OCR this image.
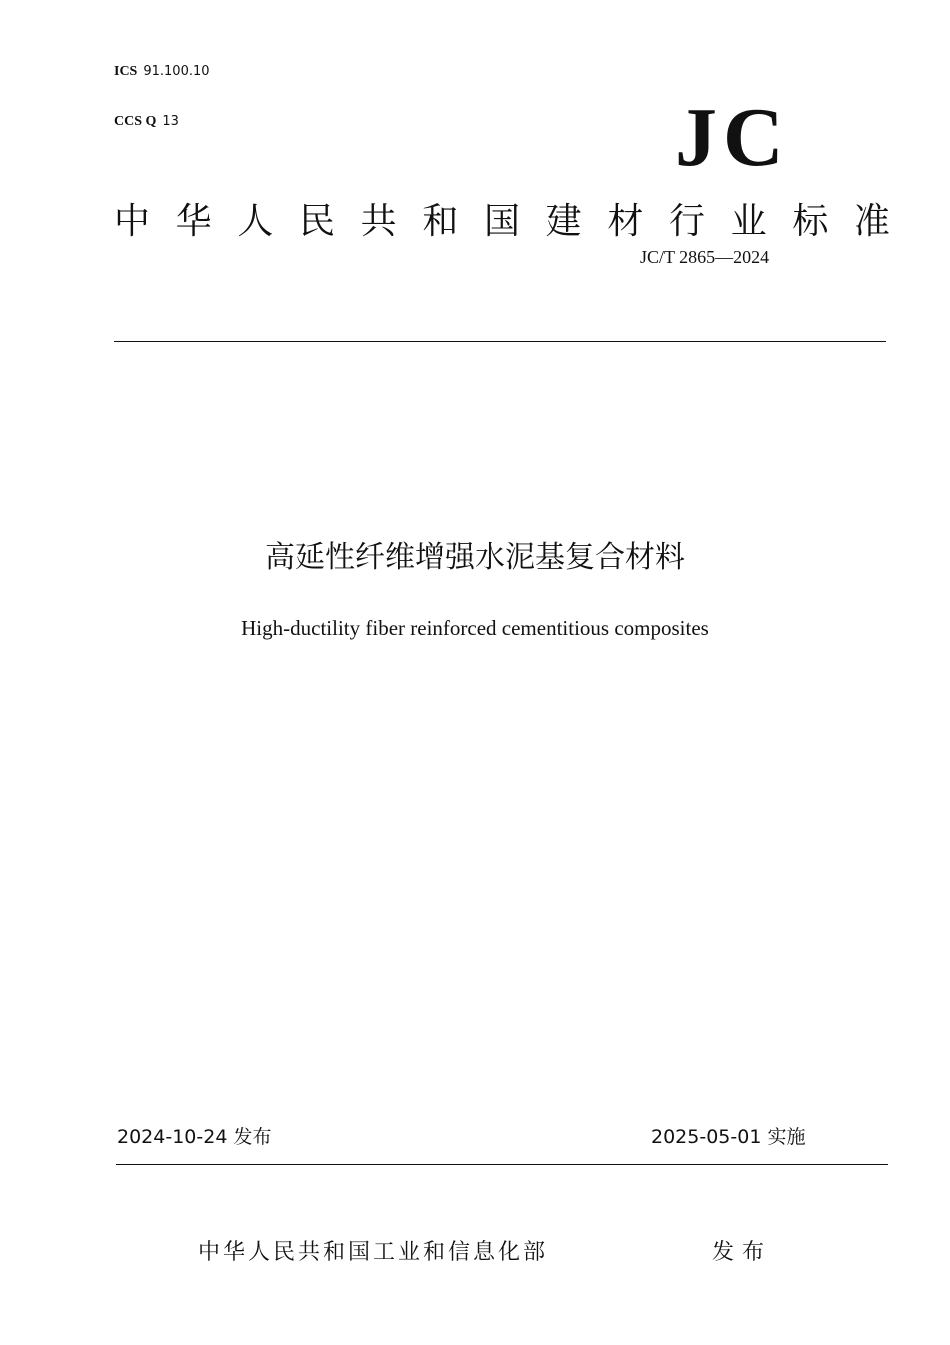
ICS 91.100.10
CCS Q 13	JC
中华人民共和国建材行业标准
JC/T 2865—2024
高延性纤维增强水泥基复合材料
High-ductility fiber reinforced cementitious composites
2024-10-24 发布	2025-05-01 实施
中华人民共和国工业和信息化部	发布
